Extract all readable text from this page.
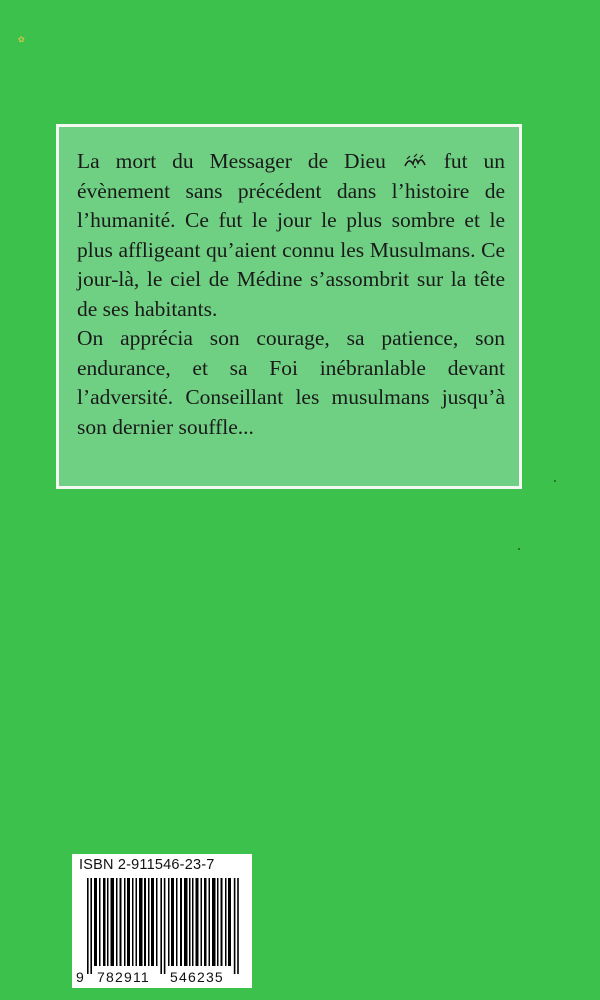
✿

La mort du Messager de Dieu	fut un évènement sans précédent dans l’histoire de l’humanité. Ce fut le jour le plus sombre et le plus affligeant qu’aient connu les Musulmans. Ce jour-là, le ciel de Médine s’assombrit sur la tête de ses habitants.

On apprécia son courage, sa patience, son endurance, et sa Foi inébranlable devant l’adversité. Conseillant les musulmans jusqu’à son dernier souffle...

ISBN 2-911546-23-7
9 782911 546235
